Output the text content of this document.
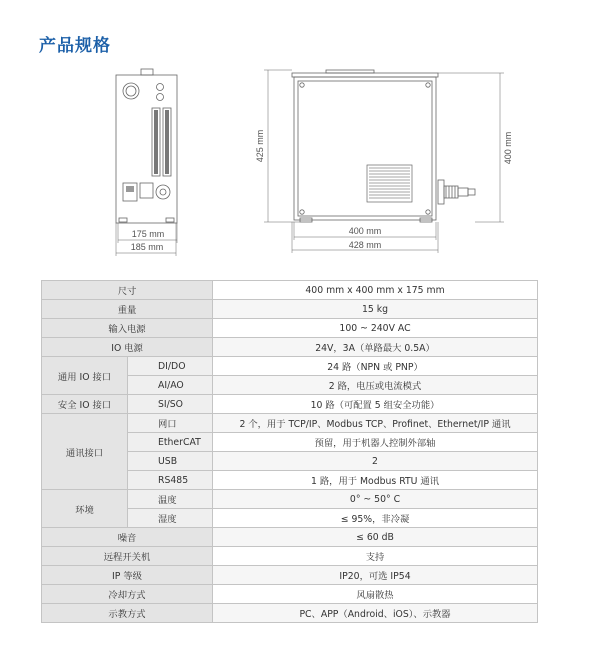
产品规格
175 mm
185 mm
425 mm	400 mm
400 mm
428 mm
尺寸		400 mm x 400 mm x 175 mm
重量		15 kg
输入电源		100 ~ 240V AC
IO 电源		24V，3A（单路最大 0.5A）
通用 IO 接口	DI/DO	24 路（NPN 或 PNP）
	AI/AO	2 路，电压或电流模式
安全 IO 接口	SI/SO	10 路（可配置 5 组安全功能）
通讯接口	网口	2 个，用于 TCP/IP、Modbus TCP、Profinet、Ethernet/IP 通讯
	EtherCAT	预留，用于机器人控制外部轴
	USB	2
	RS485	1 路，用于 Modbus RTU 通讯
环境	温度	0° ~ 50° C
	湿度	≤ 95%，非冷凝
噪音		≤ 60 dB
远程开关机		支持
IP 等级		IP20，可选 IP54
冷却方式		风扇散热
示教方式		PC、APP（Android、iOS）、示教器
